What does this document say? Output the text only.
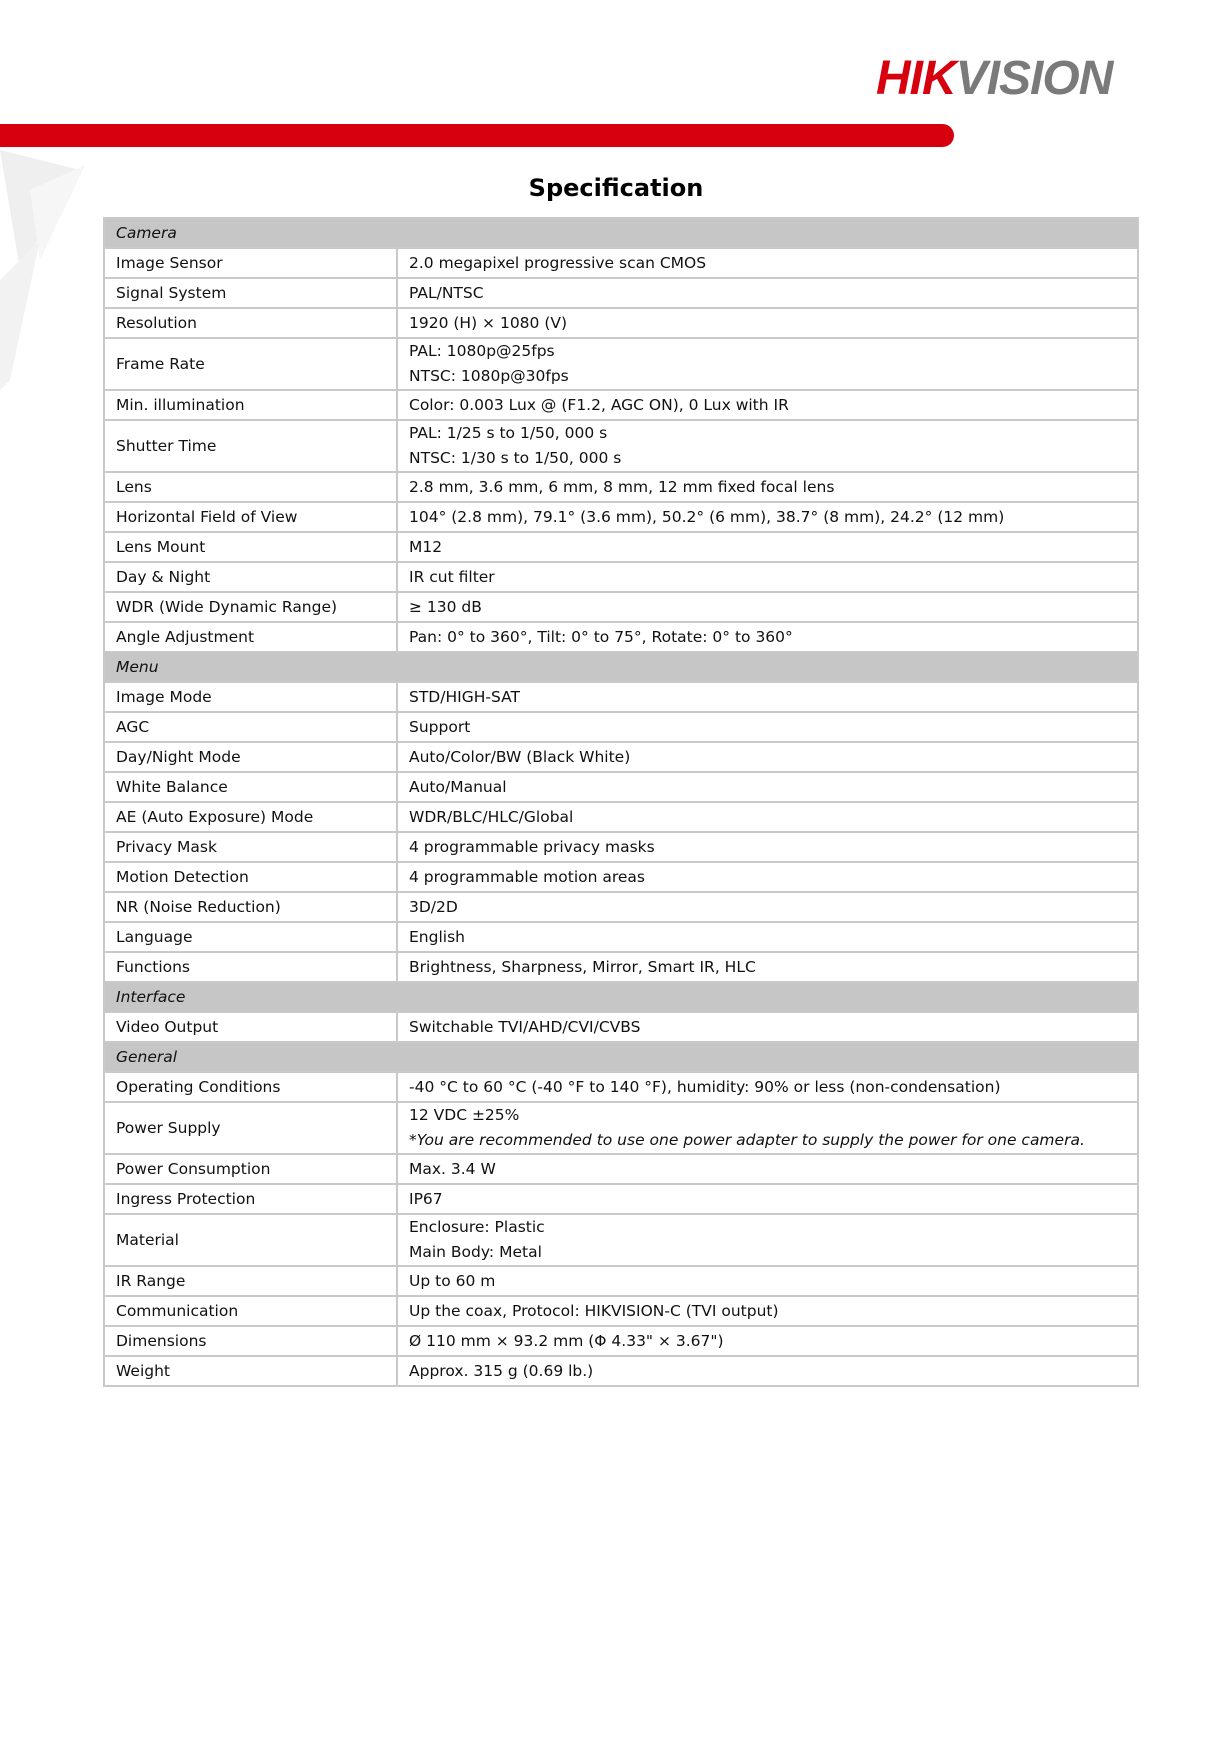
HIKVISION
Specification
Camera	
Image Sensor	2.0 megapixel progressive scan CMOS

Signal System	PAL/NTSC

Resolution	1920 (H) × 1080 (V)

Frame Rate	PAL: 1080p@25fps
NTSC: 1080p@30fps

Min. illumination	Color: 0.003 Lux @ (F1.2, AGC ON), 0 Lux with IR

Shutter Time	PAL: 1/25 s to 1/50, 000 s
NTSC: 1/30 s to 1/50, 000 s

Lens	2.8 mm, 3.6 mm, 6 mm, 8 mm, 12 mm fixed focal lens

Horizontal Field of View	104° (2.8 mm), 79.1° (3.6 mm), 50.2° (6 mm), 38.7° (8 mm), 24.2° (12 mm)

Lens Mount	M12

Day & Night	IR cut filter

WDR (Wide Dynamic Range)	≥ 130 dB

Angle Adjustment	Pan: 0° to 360°, Tilt: 0° to 75°, Rotate: 0° to 360°

Menu	
Image Mode	STD/HIGH-SAT

AGC	Support

Day/Night Mode	Auto/Color/BW (Black White)

White Balance	Auto/Manual

AE (Auto Exposure) Mode	WDR/BLC/HLC/Global

Privacy Mask	4 programmable privacy masks

Motion Detection	4 programmable motion areas

NR (Noise Reduction)	3D/2D

Language	English

Functions	Brightness, Sharpness, Mirror, Smart IR, HLC

Interface	
Video Output	Switchable TVI/AHD/CVI/CVBS

General	
Operating Conditions	-40 °C to 60 °C (-40 °F to 140 °F), humidity: 90% or less (non-condensation)

Power Supply	12 VDC ±25%
*You are recommended to use one power adapter to supply the power for one camera.

Power Consumption	Max. 3.4 W

Ingress Protection	IP67

Material	Enclosure: Plastic
Main Body: Metal

IR Range	Up to 60 m

Communication	Up the coax, Protocol: HIKVISION-C (TVI output)

Dimensions	Ø 110 mm × 93.2 mm (Φ 4.33" × 3.67")

Weight	Approx. 315 g (0.69 lb.)
